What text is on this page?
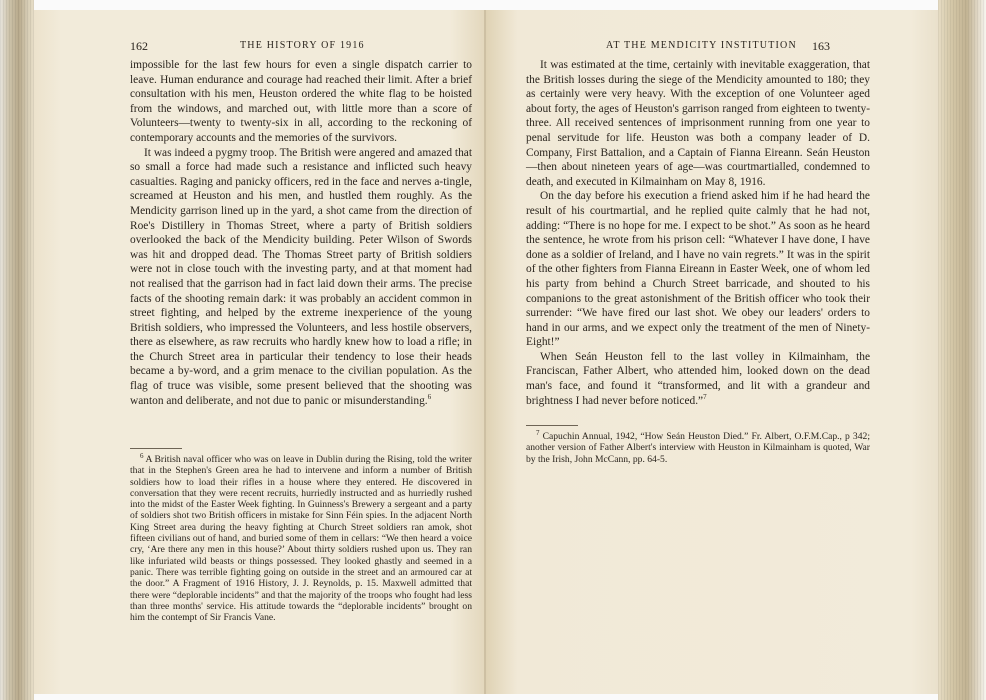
162	THE HISTORY OF 1916

impossible for the last few hours for even a single dispatch carrier to leave. Human endurance and courage had reached their limit. After a brief consultation with his men, Heuston ordered the white flag to be hoisted from the windows, and marched out, with little more than a score of Volunteers—twenty to twenty-six in all, according to the reckoning of contemporary accounts and the memories of the survivors.

It was indeed a pygmy troop. The British were angered and amazed that so small a force had made such a resistance and inflicted such heavy casualties. Raging and panicky officers, red in the face and nerves a-tingle, screamed at Heuston and his men, and hustled them roughly. As the Mendicity garrison lined up in the yard, a shot came from the direction of Roe's Distillery in Thomas Street, where a party of British soldiers overlooked the back of the Mendicity building. Peter Wilson of Swords was hit and dropped dead. The Thomas Street party of British soldiers were not in close touch with the investing party, and at that moment had not realised that the garrison had in fact laid down their arms. The precise facts of the shooting remain dark: it was probably an accident common in street fighting, and helped by the extreme inexperience of the young British soldiers, who impressed the Volunteers, and less hostile observers, there as elsewhere, as raw recruits who hardly knew how to load a rifle; in the Church Street area in particular their tendency to lose their heads became a by-word, and a grim menace to the civilian population. As the flag of truce was visible, some present believed that the shooting was wanton and deliberate, and not due to panic or misunderstanding.$^6$

$^6$ A British naval officer who was on leave in Dublin during the Rising, told the writer that in the Stephen's Green area he had to intervene and inform a number of British soldiers how to load their rifles in a house where they entered. He discovered in conversation that they were recent recruits, hurriedly instructed and as hurriedly rushed into the midst of the Easter Week fighting. In Guinness's Brewery a sergeant and a party of soldiers shot two British officers in mistake for Sinn Féin spies. In the adjacent North King Street area during the heavy fighting at Church Street soldiers ran amok, shot fifteen civilians out of hand, and buried some of them in cellars: “We then heard a voice cry, ‘Are there any men in this house?’ About thirty soldiers rushed upon us. They ran like infuriated wild beasts or things possessed. They looked ghastly and seemed in a panic. There was terrible fighting going on outside in the street and an armoured car at the door.” A Fragment of 1916 History, J. J. Reynolds, p. 15. Maxwell admitted that there were “deplorable incidents” and that the majority of the troops who fought had less than three months' service. His attitude towards the “deplorable incidents” brought on him the contempt of Sir Francis Vane.

AT THE MENDICITY INSTITUTION 163

It was estimated at the time, certainly with inevitable exaggeration, that the British losses during the siege of the Mendicity amounted to 180; they as certainly were very heavy. With the exception of one Volunteer aged about forty, the ages of Heuston's garrison ranged from eighteen to twenty-three. All received sentences of imprisonment running from one year to penal servitude for life. Heuston was both a company leader of D. Company, First Battalion, and a Captain of Fianna Eireann. Seán Heuston—then about nineteen years of age—was courtmartialled, condemned to death, and executed in Kilmainham on May 8, 1916.

On the day before his execution a friend asked him if he had heard the result of his courtmartial, and he replied quite calmly that he had not, adding: “There is no hope for me. I expect to be shot.” As soon as he heard the sentence, he wrote from his prison cell: “Whatever I have done, I have done as a soldier of Ireland, and I have no vain regrets.” It was in the spirit of the other fighters from Fianna Eireann in Easter Week, one of whom led his party from behind a Church Street barricade, and shouted to his companions to the great astonishment of the British officer who took their surrender: “We have fired our last shot. We obey our leaders' orders to hand in our arms, and we expect only the treatment of the men of Ninety-Eight!”

When Seán Heuston fell to the last volley in Kilmainham, the Franciscan, Father Albert, who attended him, looked down on the dead man's face, and found it “transformed, and lit with a grandeur and brightness I had never before noticed.”$^7$

$^7$ Capuchin Annual, 1942, “How Seán Heuston Died.” Fr. Albert, O.F.M.Cap., p 342; another version of Father Albert's interview with Heuston in Kilmainham is quoted, War by the Irish, John McCann, pp. 64-5.
